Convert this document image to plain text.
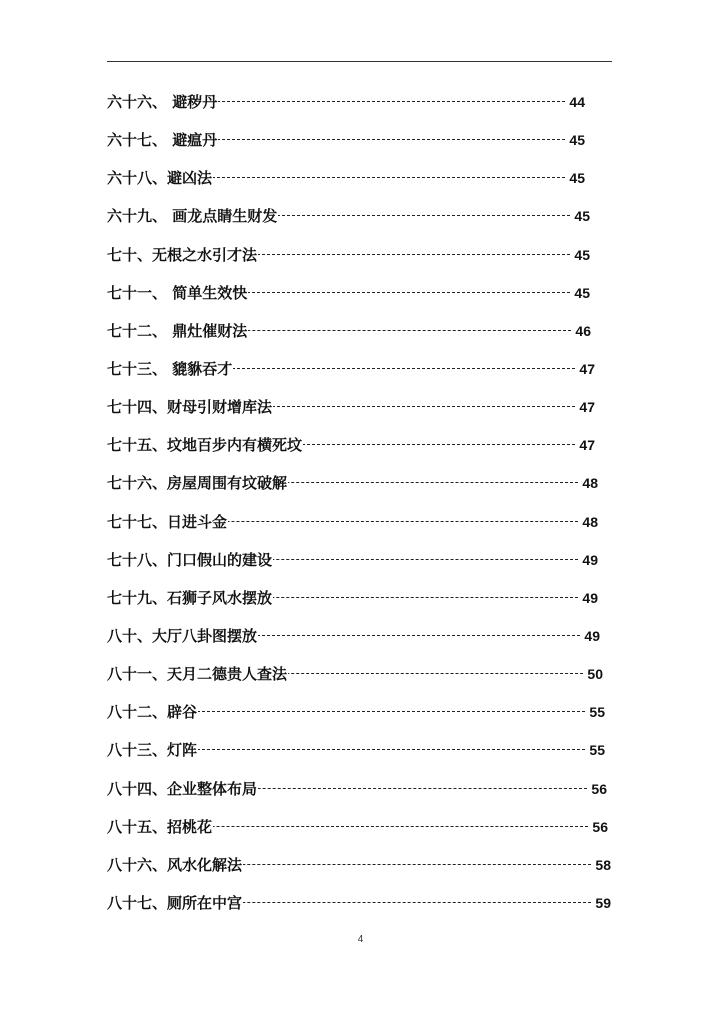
六十六、 避秽丹	44
六十七、 避瘟丹	45
六十八、避凶法	45
六十九、 画龙点睛生财发	45
七十、无根之水引才法	45
七十一、 简单生效快	45
七十二、 鼎灶催财法	46
七十三、 貔貅吞才	47
七十四、财母引财增库法	47
七十五、坟地百步内有横死坟	47
七十六、房屋周围有坟破解	48
七十七、日进斗金	48
七十八、门口假山的建设	49
七十九、石狮子风水摆放	49
八十、大厅八卦图摆放	49
八十一、天月二德贵人查法	50
八十二、辟谷	55
八十三、灯阵	55
八十四、企业整体布局	56
八十五、招桃花	56
八十六、风水化解法	58
八十七、厕所在中宫	59
4
